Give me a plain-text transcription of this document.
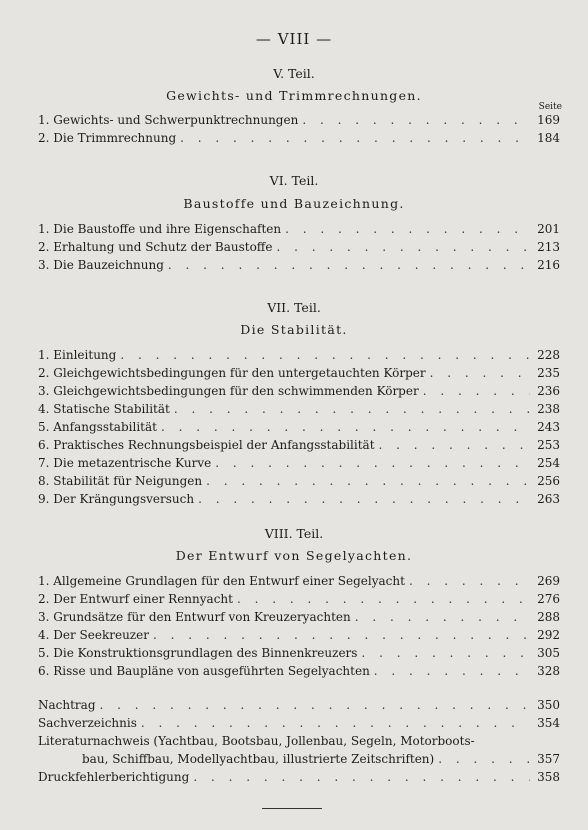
— VIII —
V. Teil.
Gewichts- und Trimmrechnungen.
Seite
1. Gewichts- und Schwerpunktrechnungen . . .	169
2. Die Trimmrechnung . . .	184
VI. Teil.
Baustoffe und Bauzeichnung.
1. Die Baustoffe und ihre Eigenschaften . . .	201
2. Erhaltung und Schutz der Baustoffe . . .	213
3. Die Bauzeichnung . . .	216
VII. Teil.
Die Stabilität.
1. Einleitung . . .	228
2. Gleichgewichtsbedingungen für den untergetauchten Körper . . .	235
3. Gleichgewichtsbedingungen für den schwimmenden Körper . . .	236
4. Statische Stabilität . . .	238
5. Anfangsstabilität . . .	243
6. Praktisches Rechnungsbeispiel der Anfangsstabilität . . .	253
7. Die metazentrische Kurve . . .	254
8. Stabilität für Neigungen . . .	256
9. Der Krängungsversuch . . .	263
VIII. Teil.
Der Entwurf von Segelyachten.
1. Allgemeine Grundlagen für den Entwurf einer Segelyacht . . .	269
2. Der Entwurf einer Rennyacht . . .	276
3. Grundsätze für den Entwurf von Kreuzeryachten . . .	288
4. Der Seekreuzer . . .	292
5. Die Konstruktionsgrundlagen des Binnenkreuzers . . .	305
6. Risse und Baupläne von ausgeführten Segelyachten . . .	328
Nachtrag . . .	350
Sachverzeichnis . . .	354
Literaturnachweis (Yachtbau, Bootsbau, Jollenbau, Segeln, Motorboots-
bau, Schiffbau, Modellyachtbau, illustrierte Zeitschriften) . . .	357
Druckfehlerberichtigung . . .	358
